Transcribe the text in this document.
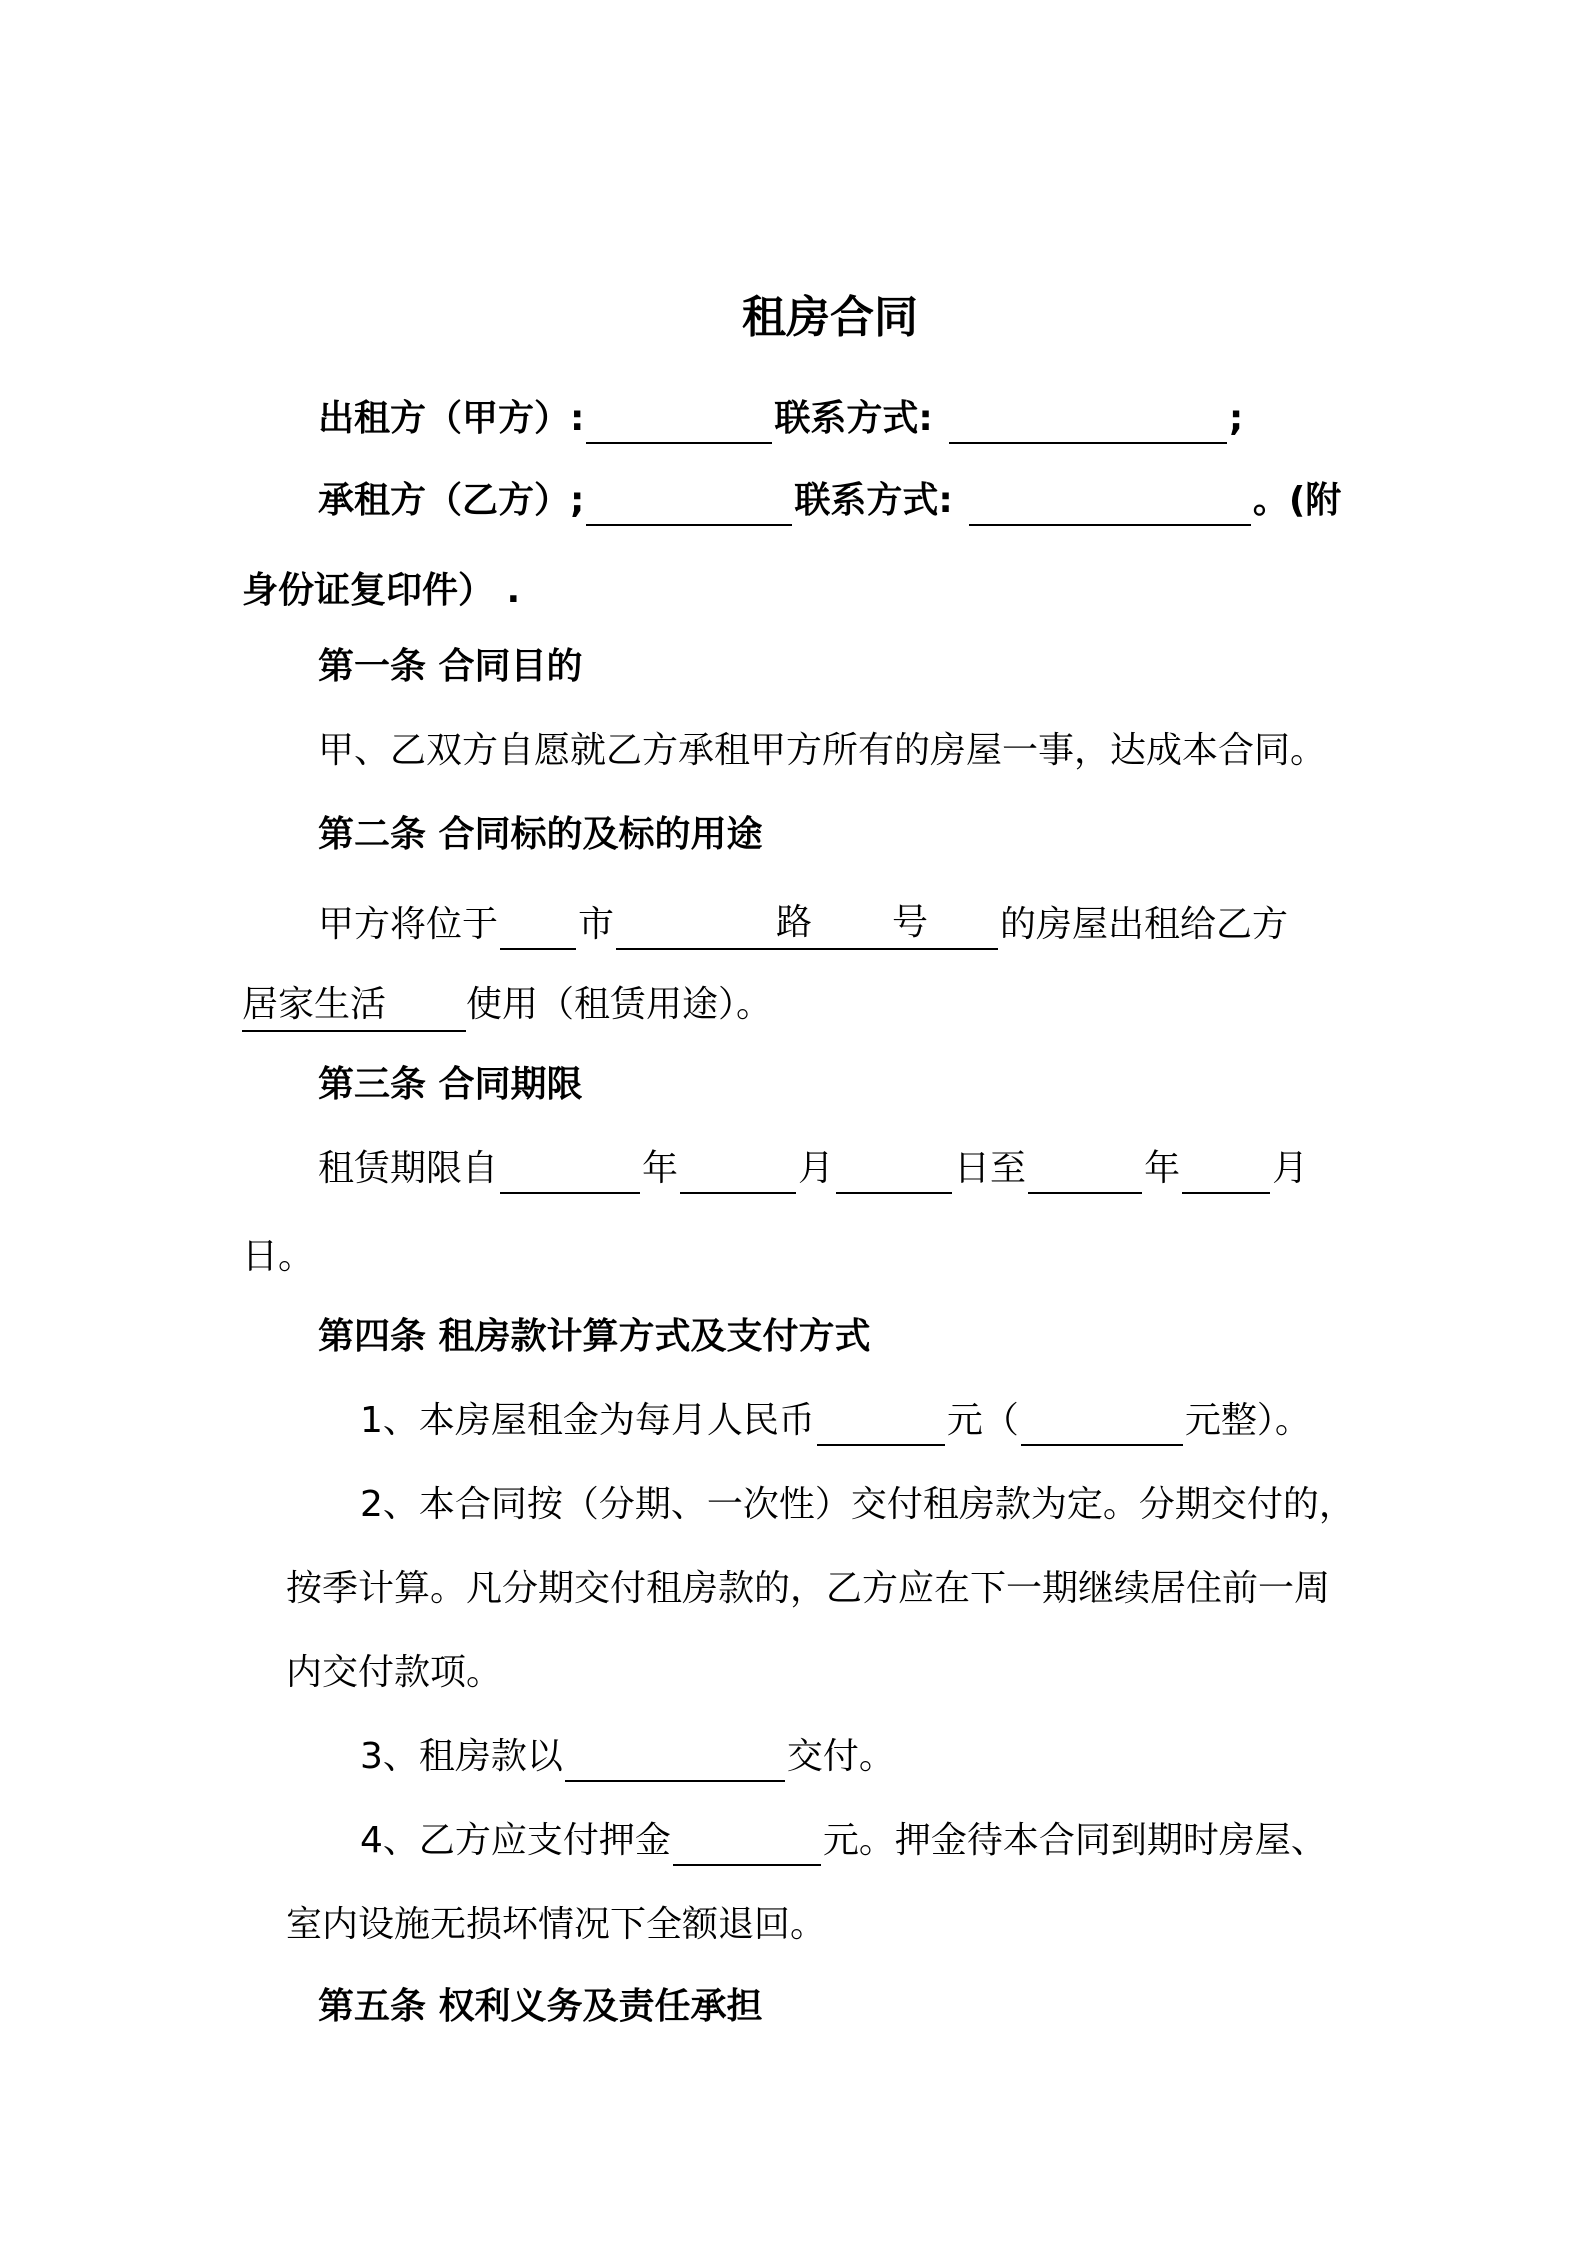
租房合同
出租方（甲方）:	联系方式:	;
承租方（乙方）;	联系方式:	。(附
身份证复印件） .
第一条 合同目的
甲、乙双方自愿就乙方承租甲方所有的房屋一事，达成本合同。
第二条 合同标的及标的用途
甲方将位于 市	路 号 的房屋出租给乙方
居家生活 使用（租赁用途）。
第三条 合同期限
租赁期限自	年	月	日至	年	月
日。
第四条 租房款计算方式及支付方式
1、本房屋租金为每月人民币	元（	元整）。
2、本合同按（分期、一次性）交付租房款为定。分期交付的，
按季计算。凡分期交付租房款的，乙方应在下一期继续居住前一周
内交付款项。
3、租房款以	交付。
4、乙方应支付押金	元。押金待本合同到期时房屋、
室内设施无损坏情况下全额退回。
第五条 权利义务及责任承担
